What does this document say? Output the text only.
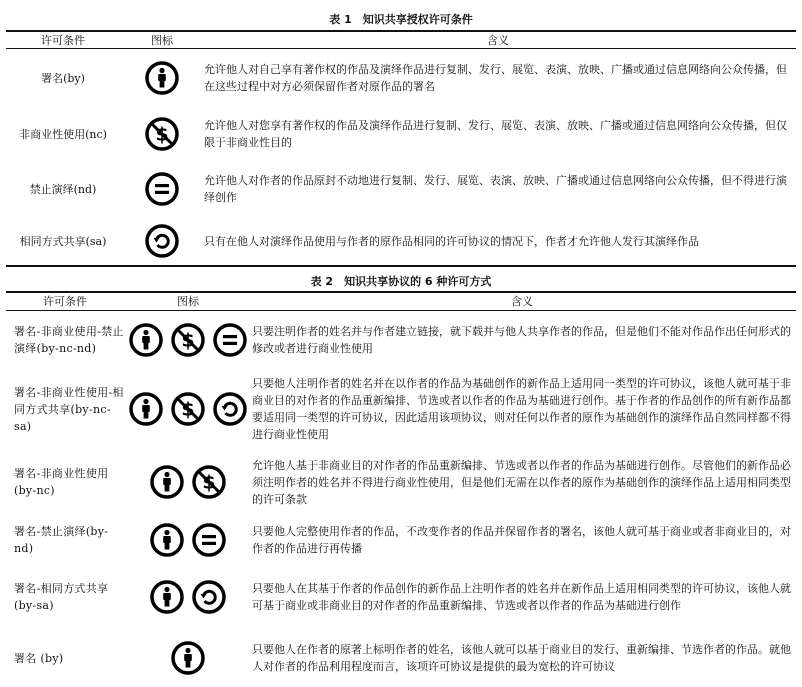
表 1　知识共享授权许可条件
许可条件	图标	含义
署名(by)		允许他人对自己享有著作权的作品及演绎作品进行复制、发行、展览、表演、放映、广播或通过信息网络向公众传播，但在这些过程中对方必须保留作者对原作品的署名
非商业性使用(nc)		允许他人对您享有著作权的作品及演绎作品进行复制、发行、展览、表演、放映、广播或通过信息网络向公众传播，但仅限于非商业性目的
禁止演绎(nd)		允许他人对作者的作品原封不动地进行复制、发行、展览、表演、放映、广播或通过信息网络向公众传播，但不得进行演绎创作
相同方式共享(sa)		只有在他人对演绎作品使用与作者的原作品相同的许可协议的情况下，作者才允许他人发行其演绎作品
表 2　知识共享协议的 6 种许可方式
许可条件	图标	含义
署名-非商业使用-禁止演绎(by-nc-nd)		只要注明作者的姓名并与作者建立链接，就下载并与他人共享作者的作品，但是他们不能对作品作出任何形式的修改或者进行商业性使用
署名-非商业性使用-相同方式共享(by-nc-sa)		只要他人注明作者的姓名并在以作者的作品为基础创作的新作品上适用同一类型的许可协议，该他人就可基于非商业目的对作者的作品重新编排、节选或者以作者的作品为基础进行创作。基于作者的作品创作的所有新作品都要适用同一类型的许可协议，因此适用该项协议，则对任何以作者的原作为基础创作的演绎作品自然同样都不得进行商业性使用
署名-非商业性使用(by-nc)		允许他人基于非商业目的对作者的作品重新编排、节选或者以作者的作品为基础进行创作。尽管他们的新作品必须注明作者的姓名并不得进行商业性使用，但是他们无需在以作者的原作为基础创作的演绎作品上适用相同类型的许可条款
署名-禁止演绎(by-nd)		只要他人完整使用作者的作品，不改变作者的作品并保留作者的署名，该他人就可基于商业或者非商业目的，对作者的作品进行再传播
署名-相同方式共享(by-sa)		只要他人在其基于作者的作品创作的新作品上注明作者的姓名并在新作品上适用相同类型的许可协议，该他人就可基于商业或非商业目的对作者的作品重新编排、节选或者以作者的作品为基础进行创作
署名 (by)		只要他人在作者的原著上标明作者的姓名，该他人就可以基于商业目的发行、重新编排、节选作者的作品。就他人对作者的作品利用程度而言，该项许可协议是提供的最为宽松的许可协议
